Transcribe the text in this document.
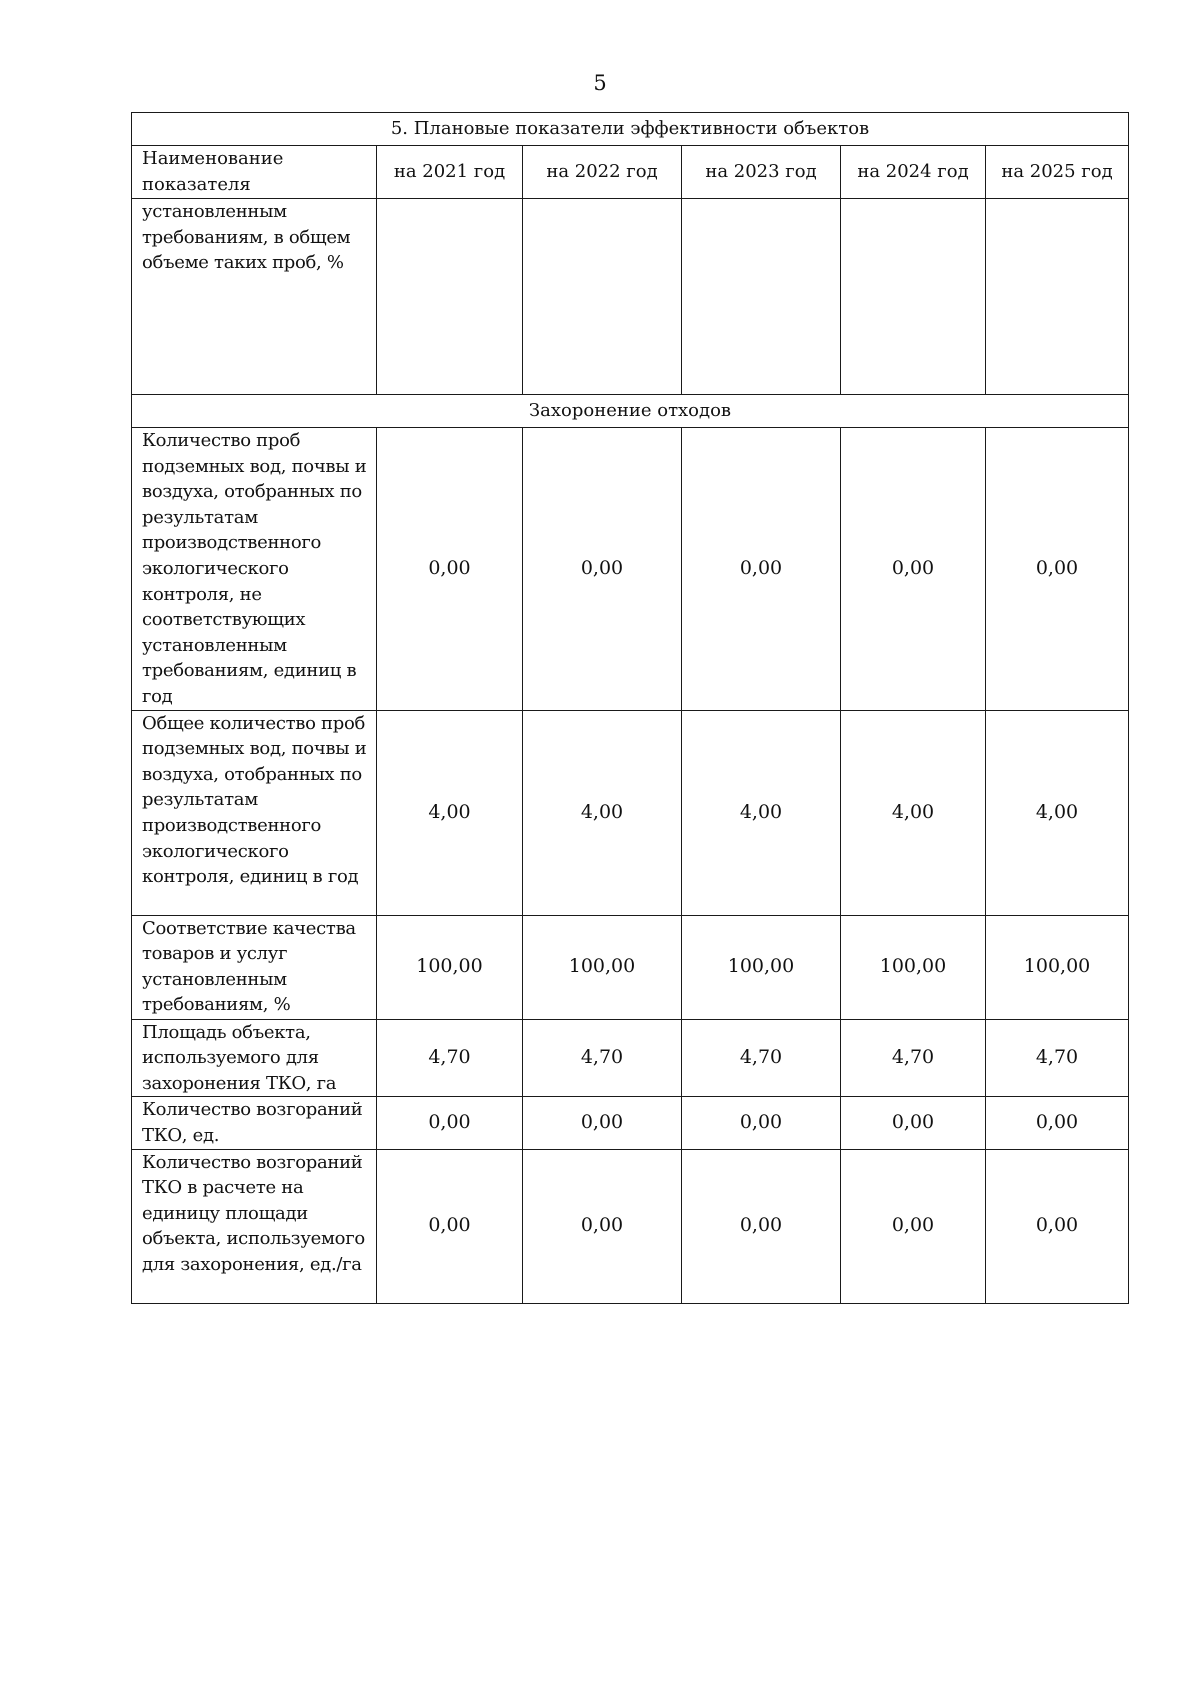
5
5. Плановые показатели эффективности объектов					
Наименование показателя	на 2021 год	на 2022 год	на 2023 год	на 2024 год	на 2025 год
установленным требованиям, в общем объеме таких проб, %					
Захоронение отходов					
Количество проб подземных вод, почвы и воздуха, отобранных по результатам производственного экологического контроля, не соответствующих установленным требованиям, единиц в год	0,00	0,00	0,00	0,00	0,00
Общее количество проб подземных вод, почвы и воздуха, отобранных по результатам производственного экологического контроля, единиц в год	4,00	4,00	4,00	4,00	4,00
Соответствие качества товаров и услуг установленным требованиям, %	100,00	100,00	100,00	100,00	100,00
Площадь объекта, используемого для захоронения ТКО, га	4,70	4,70	4,70	4,70	4,70
Количество возгораний ТКО, ед.	0,00	0,00	0,00	0,00	0,00
Количество возгораний ТКО в расчете на единицу площади объекта, используемого для захоронения, ед./га	0,00	0,00	0,00	0,00	0,00
